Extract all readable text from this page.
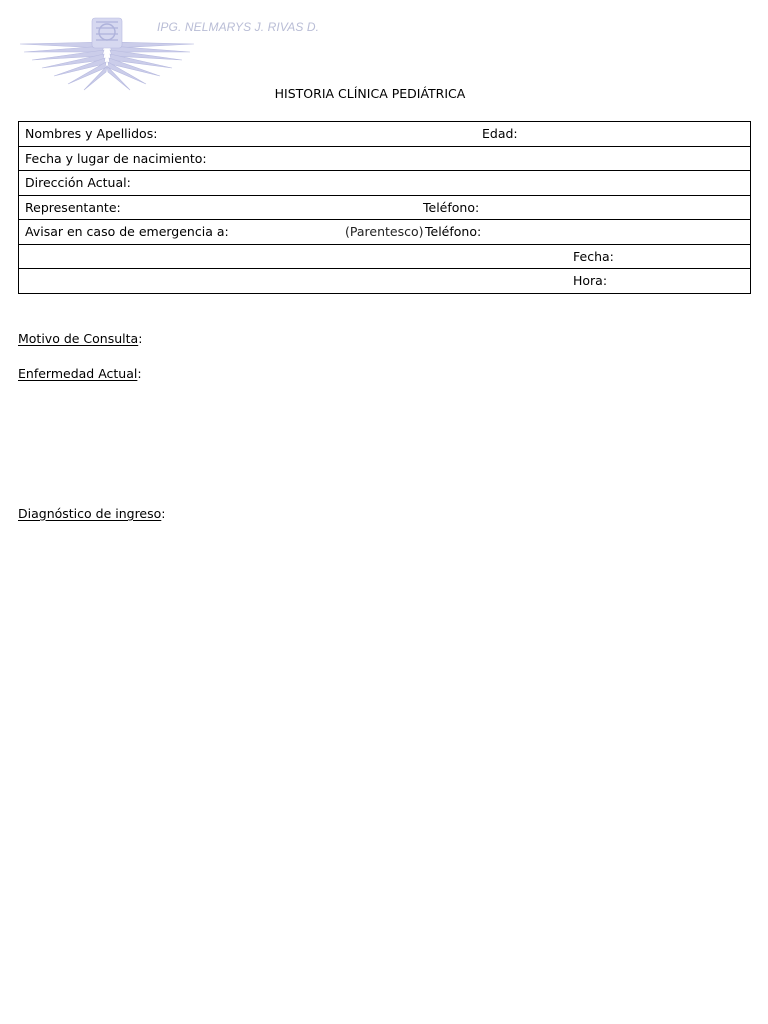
IPG. NELMARYS J. RIVAS D.
HISTORIA CLÍNICA PEDIÁTRICA
Nombres y Apellidos:	Edad:

Fecha y lugar de nacimiento:

Dirección Actual:

Representante:	Teléfono:

Avisar en caso de emergencia a:	(Parentesco) Teléfono:

Fecha:

Hora:
Motivo de Consulta:
Enfermedad Actual:
Diagnóstico de ingreso:
